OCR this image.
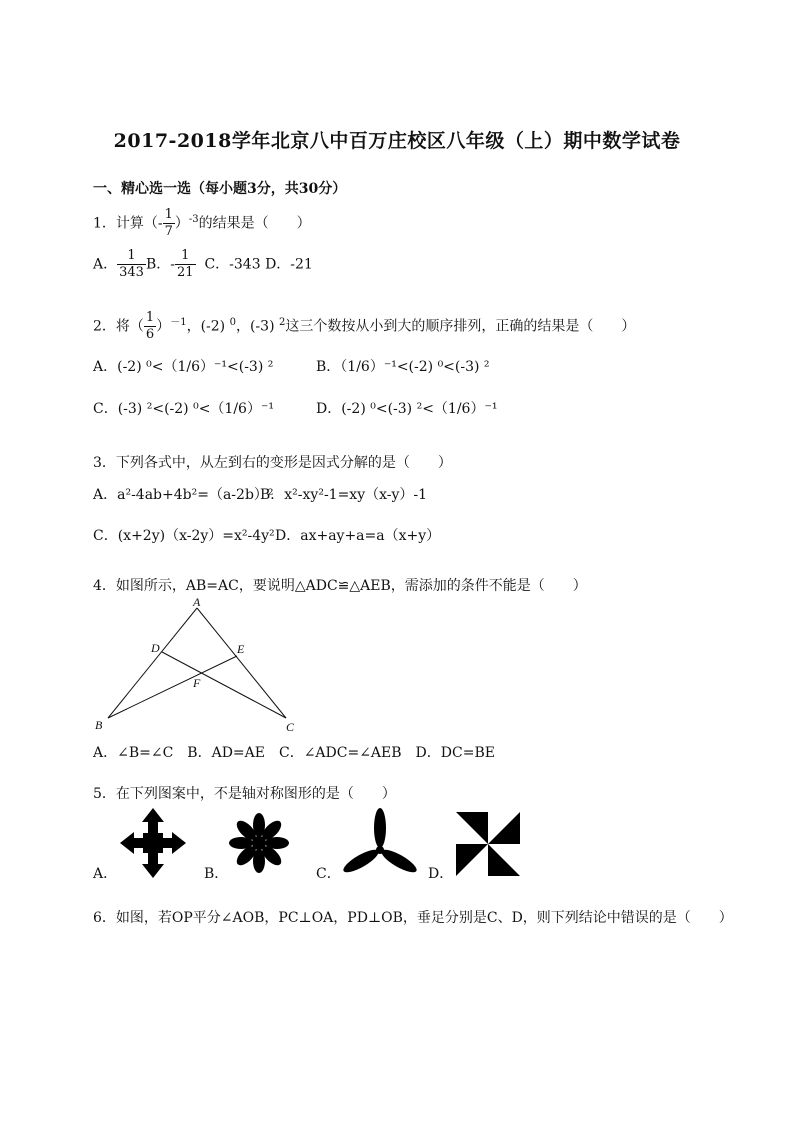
2017-2018学年北京八中百万庄校区八年级（上）期中数学试卷
一、精心选一选（每小题3分，共30分）
1．计算（- $\frac{1}{7} )^{-3}$的结果是（　　）
A． $\frac{1}{343}$ B．- $\frac{1}{21}$ C．-343 D．-21
2．将（ $\frac{1}{6} )^{-1}$，(-2) $^0$，(-3) $^2$这三个数按从小到大的顺序排列，正确的结果是（　　）
A．(-2) ⁰<（1/6）⁻¹<(-3) ²	B．（1/6）⁻¹<(-2) ⁰<(-3) ²
C．(-3) ²<(-2) ⁰<（1/6）⁻¹	D．(-2) ⁰<(-3) ²<（1/6）⁻¹
3．下列各式中，从左到右的变形是因式分解的是（　　）
A．a²-4ab+4b²=（a-2b）²
B．x²-xy²-1=xy（x-y）-1
C．(x+2y)（x-2y）=x²-4y² D．ax+ay+a=a（x+y）
4．如图所示，AB=AC，要说明△ADC≌△AEB，需添加的条件不能是（　　）
A
D	E
F
B	C
A．∠B=∠C　B．AD=AE　C．∠ADC=∠AEB　D．DC=BE
5．在下列图案中，不是轴对称图形的是（　　）
A．	B．	C．	D．
6．如图，若OP平分∠AOB，PC⊥OA，PD⊥OB，垂足分别是C、D，则下列结论中错误的是（　　）
